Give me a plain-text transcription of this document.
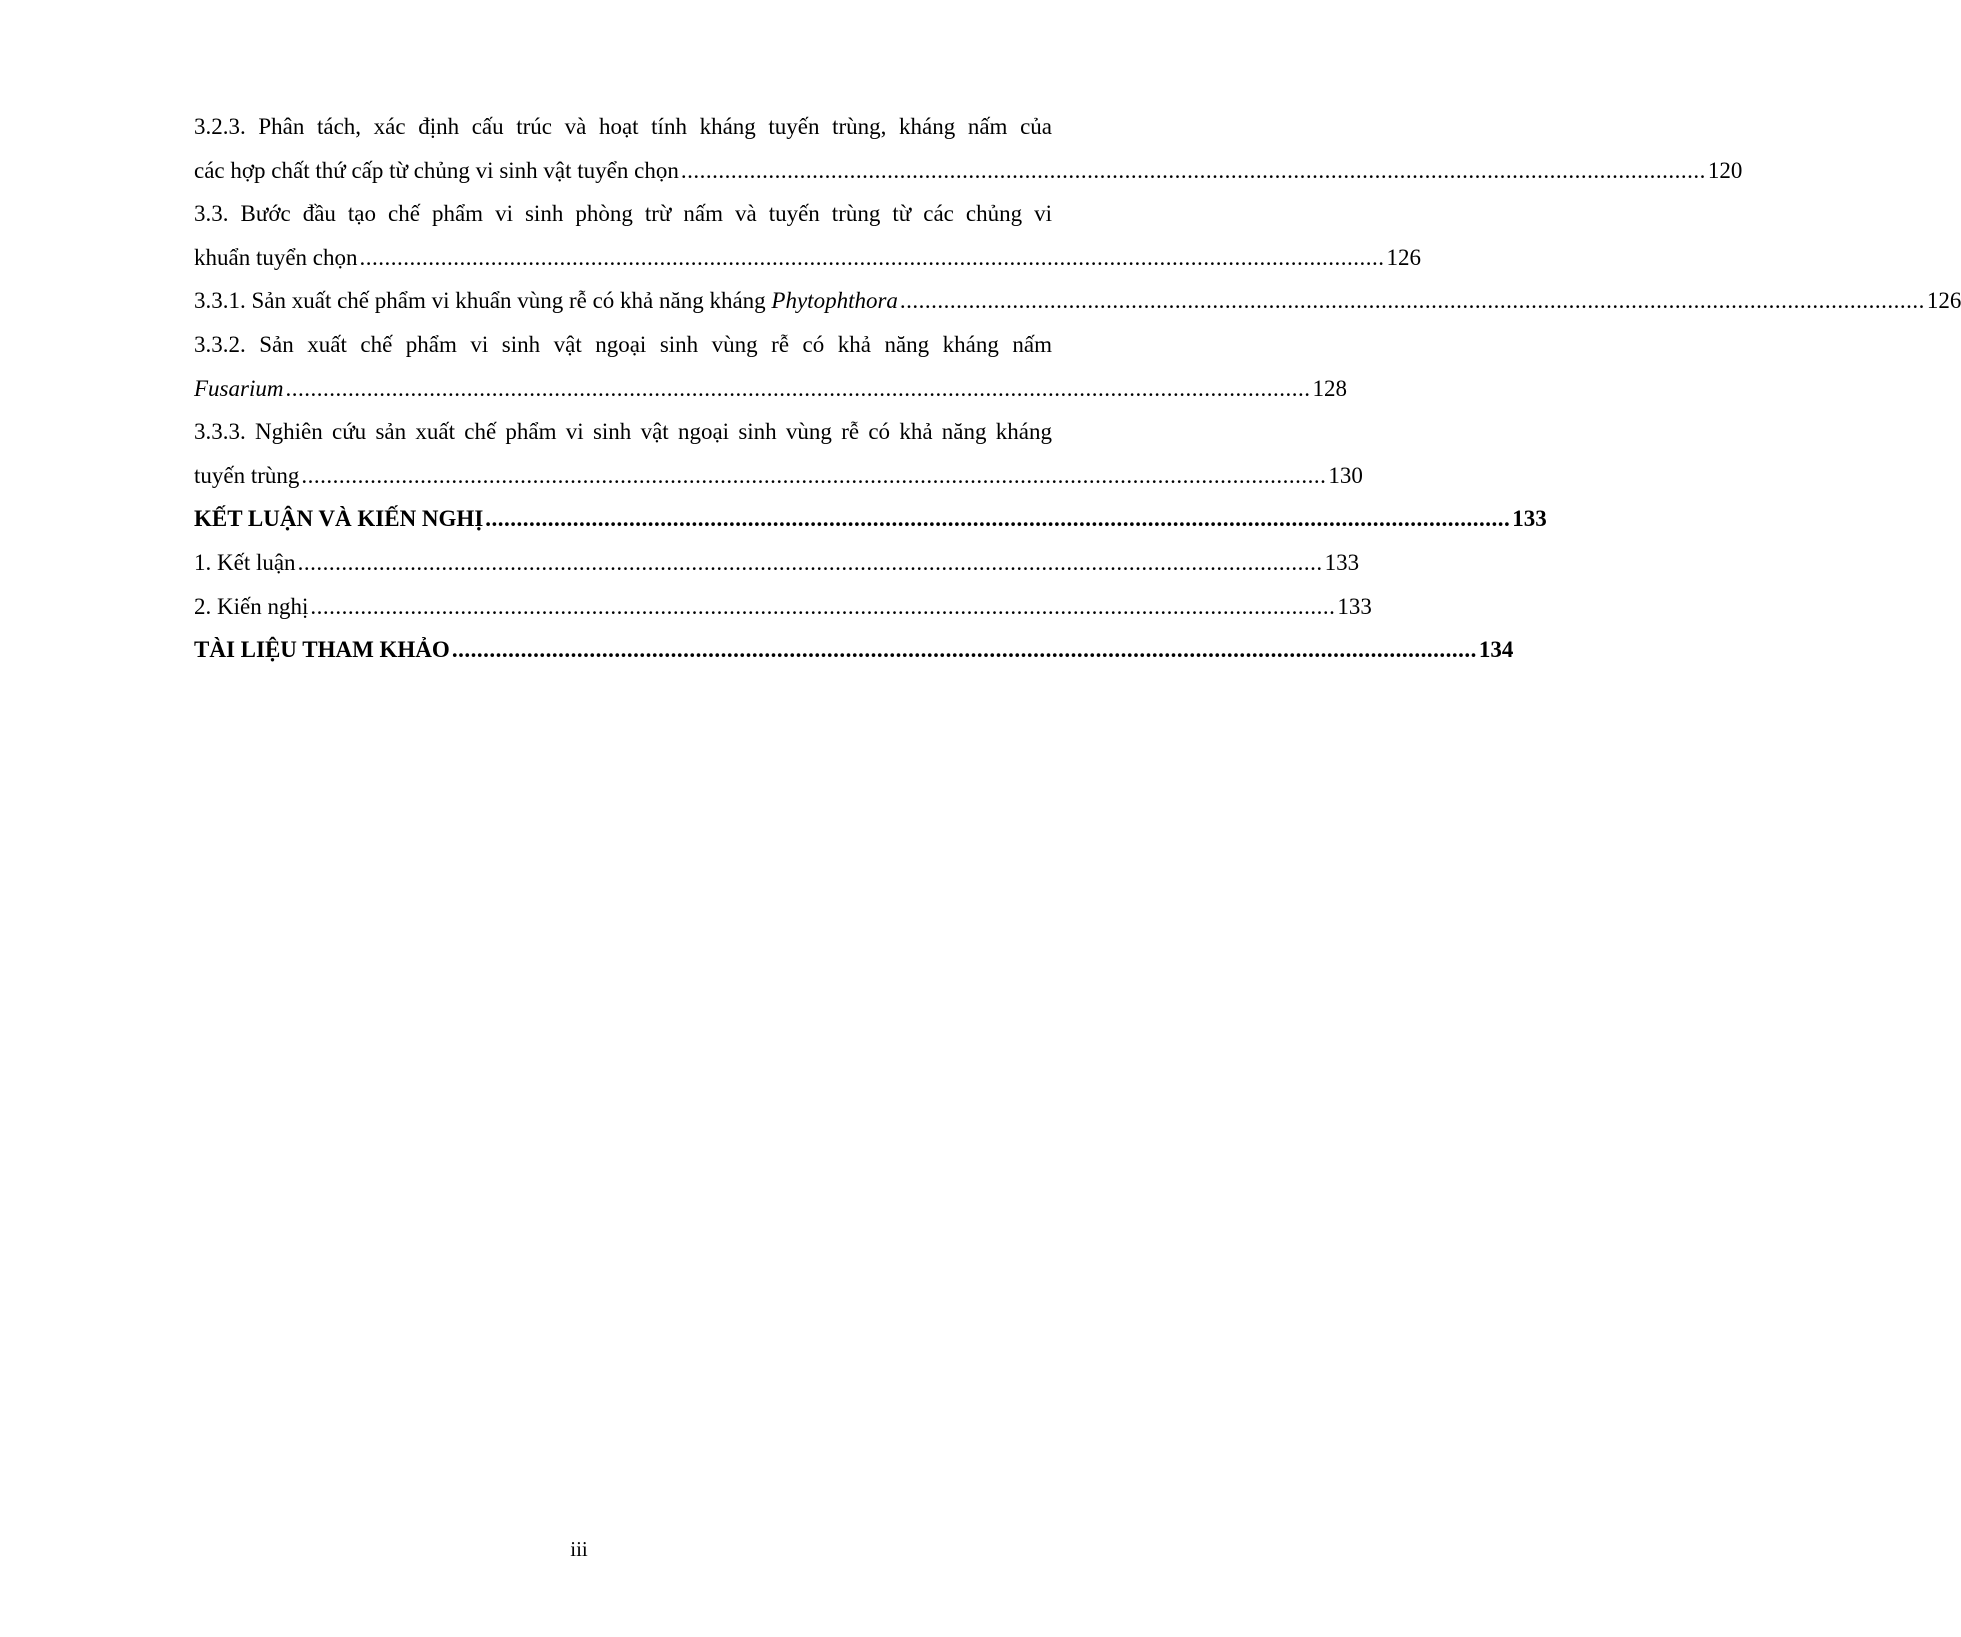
3.2.3. Phân tách, xác định cấu trúc và hoạt tính kháng tuyến trùng, kháng nấm của
các hợp chất thứ cấp từ chủng vi sinh vật tuyển chọn .................................................................................................................................................................... 120
3.3. Bước đầu tạo chế phẩm vi sinh phòng trừ nấm và tuyến trùng từ các chủng vi
khuẩn tuyển chọn .................................................................................................................................................................... 126
3.3.1. Sản xuất chế phẩm vi khuẩn vùng rễ có khả năng kháng Phytophthora .................................................................................................................................................................... 126
3.3.2. Sản xuất chế phẩm vi sinh vật ngoại sinh vùng rễ có khả năng kháng nấm
Fusarium .................................................................................................................................................................... 128
3.3.3. Nghiên cứu sản xuất chế phẩm vi sinh vật ngoại sinh vùng rễ có khả năng kháng
tuyến trùng .................................................................................................................................................................... 130
KẾT LUẬN VÀ KIẾN NGHỊ .................................................................................................................................................................... 133
1. Kết luận .................................................................................................................................................................... 133
2. Kiến nghị .................................................................................................................................................................... 133
TÀI LIỆU THAM KHẢO .................................................................................................................................................................... 134
iii
